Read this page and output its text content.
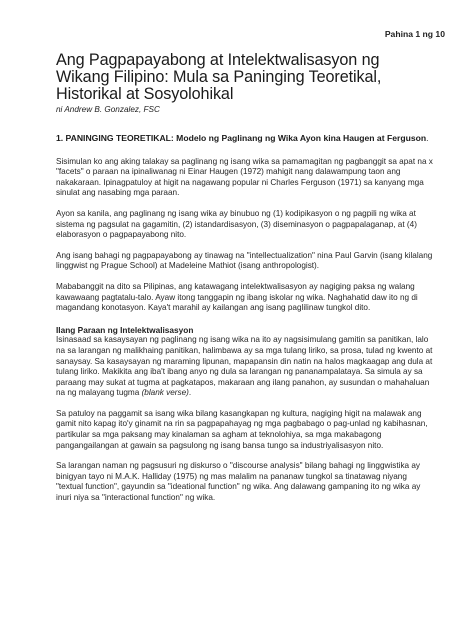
Pahina 1 ng 10
Ang Pagpapayabong at Intelektwalisasyon ng Wikang Filipino: Mula sa Paninging Teoretikal, Historikal at Sosyolohikal
ni Andrew B. Gonzalez, FSC
1. PANINGING TEORETIKAL: Modelo ng Paglinang ng Wika Ayon kina Haugen at Ferguson.

Sisimulan ko ang aking talakay sa paglinang ng isang wika sa pamamagitan ng pagbanggit sa apat na x "facets" o paraan na ipinaliwanag ni Einar Haugen (1972) mahigit nang dalawampung taon ang nakakaraan. Ipinagpatuloy at higit na nagawang popular ni Charles Ferguson (1971) sa kanyang mga sinulat ang nasabing mga paraan.

Ayon sa kanila, ang paglinang ng isang wika ay binubuo ng (1) kodipikasyon o ng pagpili ng wika at sistema ng pagsulat na gagamitin, (2) istandardisasyon, (3) diseminasyon o pagpapalaganap, at (4) elaborasyon o pagpapayabong nito.

Ang isang bahagi ng pagpapayabong ay tinawag na "intellectualization" nina Paul Garvin (isang kilalang linggwist ng Prague School) at Madeleine Mathiot (isang anthropologist).

Mababanggit na dito sa Pilipinas, ang katawagang intelektwalisasyon ay nagiging paksa ng walang kawawaang pagtatalu-talo. Ayaw itong tanggapin ng ibang iskolar ng wika. Naghahatid daw ito ng di magandang konotasyon. Kaya't marahil ay kailangan ang isang paglilinaw tungkol dito.

Ilang Paraan ng Intelektwalisasyon

Isinasaad sa kasaysayan ng paglinang ng isang wika na ito ay nagsisimulang gamitin sa panitikan, lalo na sa larangan ng malikhaing panitikan, halimbawa ay sa mga tulang liriko, sa prosa, tulad ng kwento at sanaysay. Sa kasaysayan ng maraming lipunan, mapapansin din natin na halos magkaagap ang dula at tulang liriko. Makikita ang iba't ibang anyo ng dula sa larangan ng pananampalataya. Sa simula ay sa paraang may sukat at tugma at pagkatapos, makaraan ang ilang panahon, ay susundan o mahahaluan na ng malayang tugma (blank verse).

Sa patuloy na paggamit sa isang wika bilang kasangkapan ng kultura, nagiging higit na malawak ang gamit nito kapag ito'y ginamit na rin sa pagpapahayag ng mga pagbabago o pag-unlad ng kabihasnan, partikular sa mga paksang may kinalaman sa agham at teknolohiya, sa mga makabagong pangangailangan at gawain sa pagsulong ng isang bansa tungo sa industriyalisasyon nito.

Sa larangan naman ng pagsusuri ng diskurso o "discourse analysis" bilang bahagi ng linggwistika ay binigyan tayo ni M.A.K. Halliday (1975) ng mas malalim na pananaw tungkol sa tinatawag niyang "textual function", gayundin sa "ideational function" ng wika. Ang dalawang gampaning ito ng wika ay inuri niya sa "interactional function" ng wika.
